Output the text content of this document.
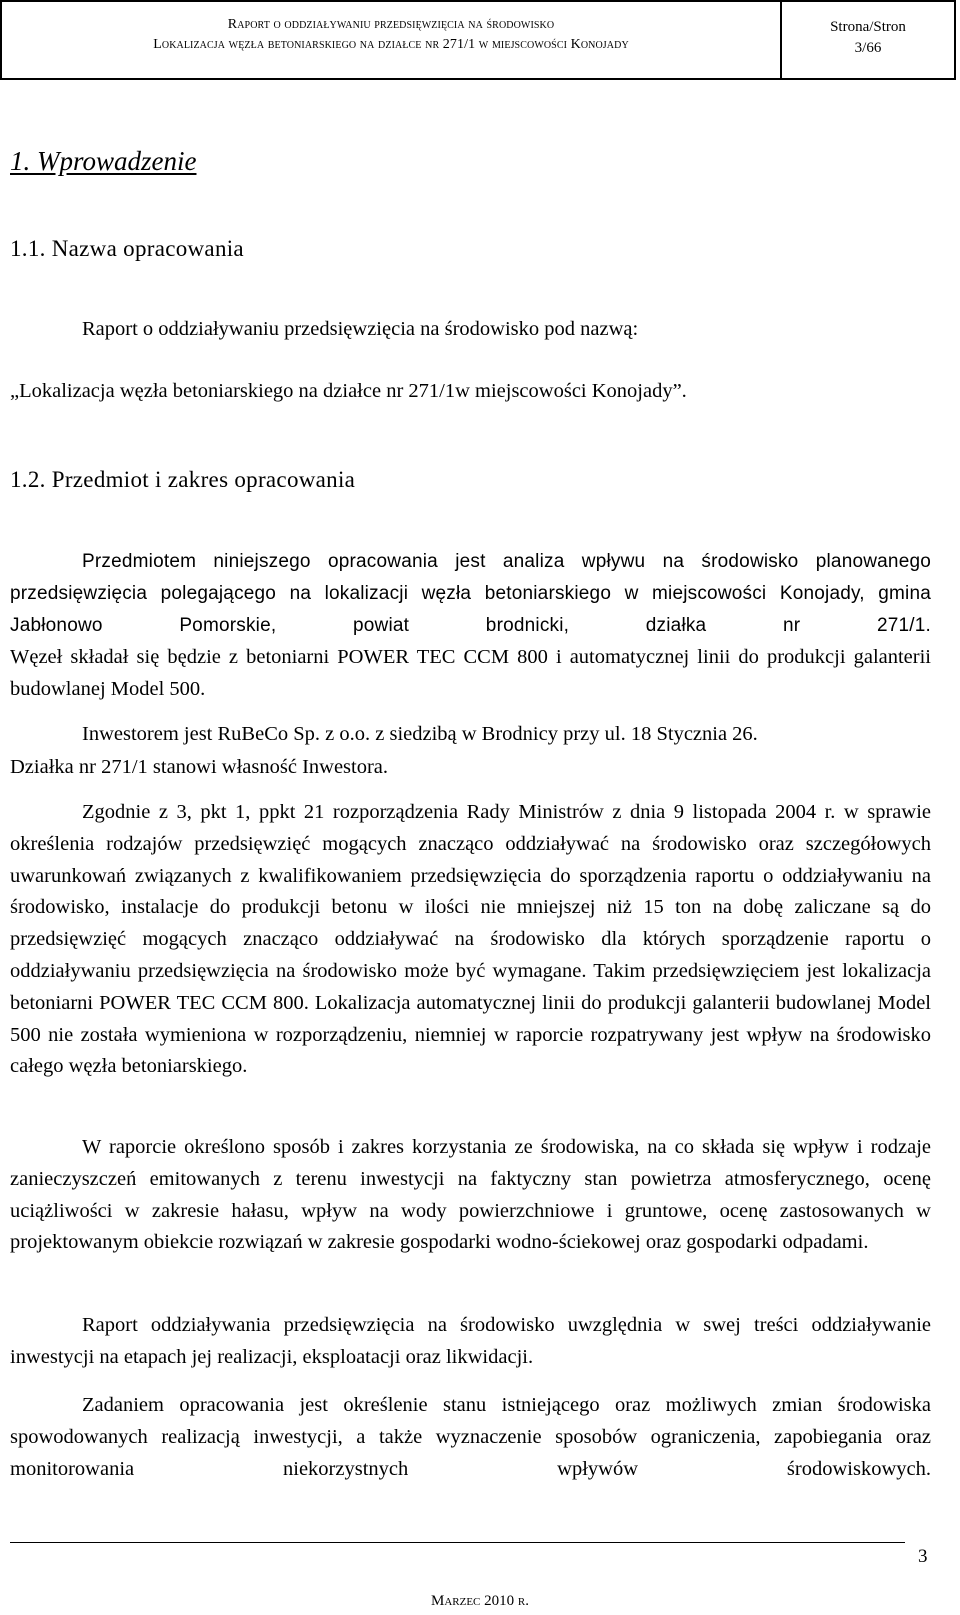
Raport o oddziaływaniu przedsięwzięcia na środowisko
Lokalizacja węzła betoniarskiego na działce nr 271/1 w miejscowości Konojady
Strona/Stron
3/66
1. Wprowadzenie
1.1. Nazwa opracowania
Raport o oddziaływaniu przedsięwzięcia na środowisko pod nazwą:
„Lokalizacja węzła betoniarskiego na działce nr 271/1w miejscowości Konojady”.
1.2. Przedmiot i zakres opracowania

Przedmiotem niniejszego opracowania jest analiza wpływu na środowisko planowanego przedsięwzięcia polegającego na lokalizacji węzła betoniarskiego w miejscowości Konojady, gmina Jabłonowo Pomorskie, powiat brodnicki, działka nr 271/1.

Węzeł składał się będzie z betoniarni POWER TEC CCM 800 i automatycznej linii do produkcji galanterii budowlanej Model 500.

Inwestorem jest RuBeCo Sp. z o.o. z siedzibą w Brodnicy przy ul. 18 Stycznia 26.
Działka nr 271/1 stanowi własność Inwestora.

Zgodnie z 3, pkt 1, ppkt 21 rozporządzenia Rady Ministrów z dnia 9 listopada 2004 r. w sprawie określenia rodzajów przedsięwzięć mogących znacząco oddziaływać na środowisko oraz szczegółowych uwarunkowań związanych z kwalifikowaniem przedsięwzięcia do sporządzenia raportu o oddziaływaniu na środowisko, instalacje do produkcji betonu w ilości nie mniejszej niż 15 ton na dobę zaliczane są do przedsięwzięć mogących znacząco oddziaływać na środowisko dla których sporządzenie raportu o oddziaływaniu przedsięwzięcia na środowisko może być wymagane. Takim przedsięwzięciem jest lokalizacja betoniarni POWER TEC CCM 800. Lokalizacja automatycznej linii do produkcji galanterii budowlanej Model 500 nie została wymieniona w rozporządzeniu, niemniej w raporcie rozpatrywany jest wpływ na środowisko całego węzła betoniarskiego.

W raporcie określono sposób i zakres korzystania ze środowiska, na co składa się wpływ i rodzaje zanieczyszczeń emitowanych z terenu inwestycji na faktyczny stan powietrza atmosferycznego, ocenę uciążliwości w zakresie hałasu, wpływ na wody powierzchniowe i gruntowe, ocenę zastosowanych w projektowanym obiekcie rozwiązań w zakresie gospodarki wodno-ściekowej oraz gospodarki odpadami.

Raport oddziaływania przedsięwzięcia na środowisko uwzględnia w swej treści oddziaływanie inwestycji na etapach jej realizacji, eksploatacji oraz likwidacji.

Zadaniem opracowania jest określenie stanu istniejącego oraz możliwych zmian środowiska spowodowanych realizacją inwestycji, a także wyznaczenie sposobów ograniczenia, zapobiegania oraz monitorowania niekorzystnych wpływów środowiskowych.

3
Marzec 2010 r.
